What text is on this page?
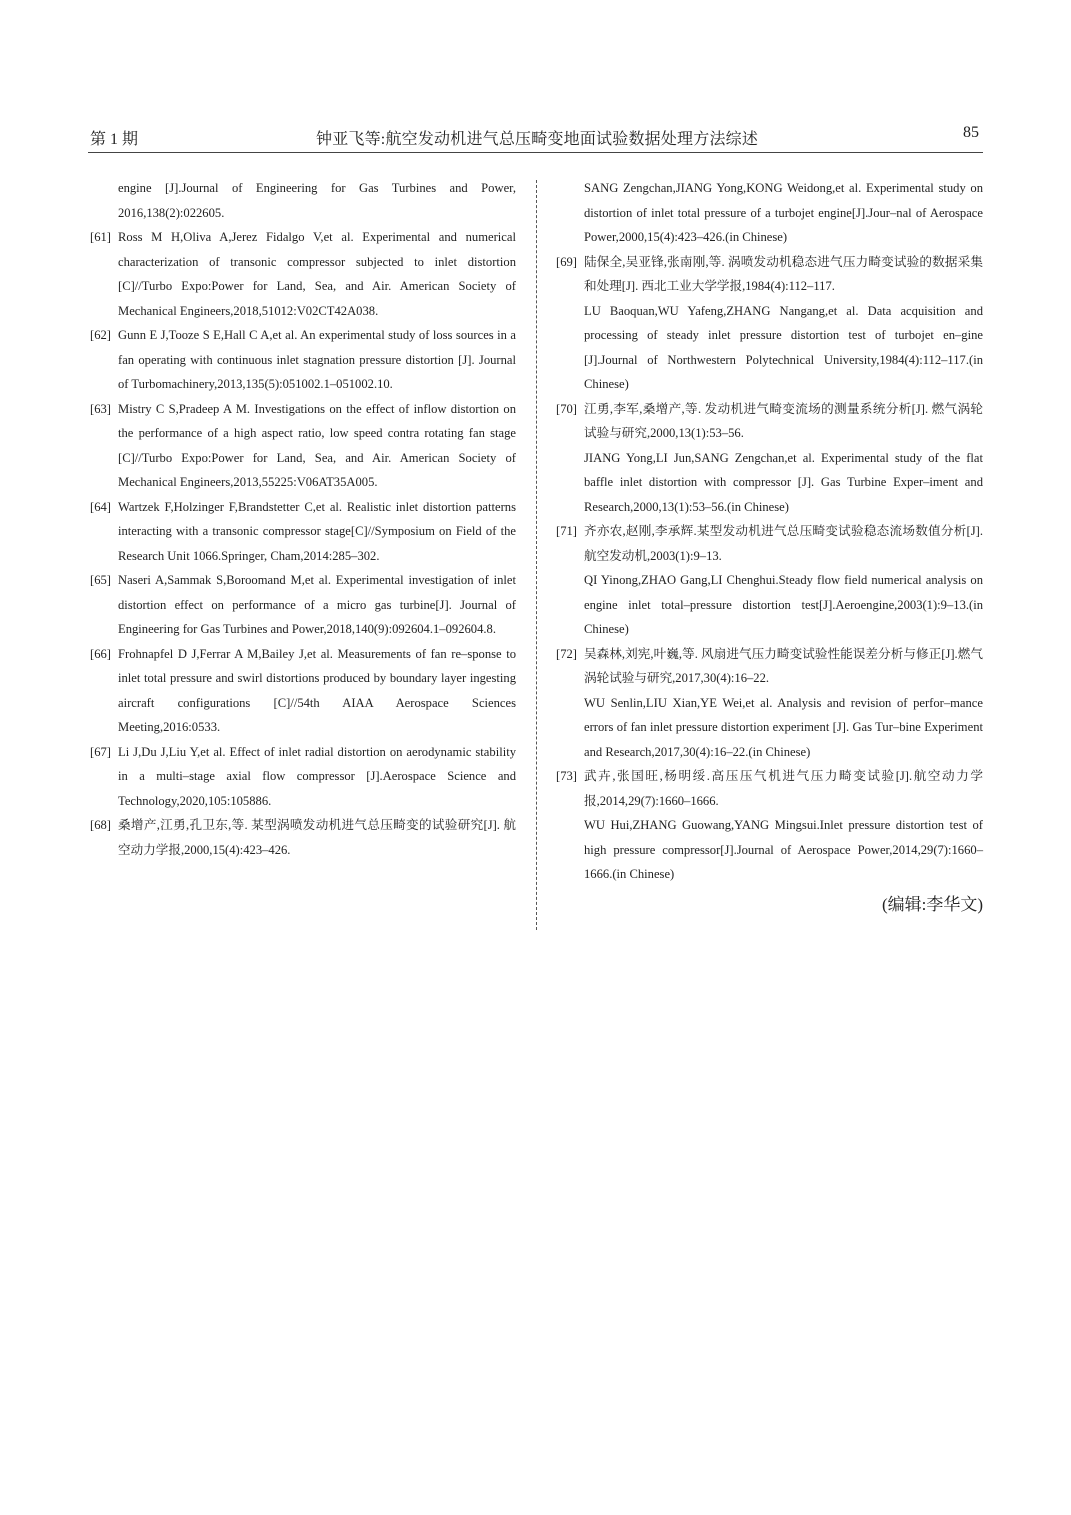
第 1 期	钟亚飞等:航空发动机进气总压畸变地面试验数据处理方法综述	85
engine [J].Journal of Engineering for Gas Turbines and Power, 2016,138(2):022605.
[61] Ross M H,Oliva A,Jerez Fidalgo V,et al. Experimental and numerical characterization of transonic compressor subjected to inlet distortion [C]//Turbo Expo:Power for Land, Sea, and Air. American Society of Mechanical Engineers,2018,51012:V02CT42A038.
[62] Gunn E J,Tooze S E,Hall C A,et al. An experimental study of loss sources in a fan operating with continuous inlet stagnation pressure distortion [J]. Journal of Turbomachinery,2013,135(5):051002.1–051002.10.
[63] Mistry C S,Pradeep A M. Investigations on the effect of inflow distortion on the performance of a high aspect ratio, low speed contra rotating fan stage [C]//Turbo Expo:Power for Land, Sea, and Air. American Society of Mechanical Engineers,2013,55225:V06AT35A005.
[64] Wartzek F,Holzinger F,Brandstetter C,et al. Realistic inlet distortion patterns interacting with a transonic compressor stage[C]//Symposium on Field of the Research Unit 1066.Springer, Cham,2014:285–302.
[65] Naseri A,Sammak S,Boroomand M,et al. Experimental investigation of inlet distortion effect on performance of a micro gas turbine[J]. Journal of Engineering for Gas Turbines and Power,2018,140(9):092604.1–092604.8.
[66] Frohnapfel D J,Ferrar A M,Bailey J,et al. Measurements of fan re–sponse to inlet total pressure and swirl distortions produced by boundary layer ingesting aircraft configurations [C]//54th AIAA Aerospace Sciences Meeting,2016:0533.
[67] Li J,Du J,Liu Y,et al. Effect of inlet radial distortion on aerodynamic stability in a multi–stage axial flow compressor [J].Aerospace Science and Technology,2020,105:105886.
[68] 桑增产,江勇,孔卫东,等. 某型涡喷发动机进气总压畸变的试验研究[J]. 航空动力学报,2000,15(4):423–426.
SANG Zengchan,JIANG Yong,KONG Weidong,et al. Experimental study on distortion of inlet total pressure of a turbojet engine[J].Jour–nal of Aerospace Power,2000,15(4):423–426.(in Chinese)
[69] 陆保全,吴亚锋,张南刚,等. 涡喷发动机稳态进气压力畸变试验的数据采集和处理[J]. 西北工业大学学报,1984(4):112–117.
LU Baoquan,WU Yafeng,ZHANG Nangang,et al. Data acquisition and processing of steady inlet pressure distortion test of turbojet en–gine [J].Journal of Northwestern Polytechnical University,1984(4):112–117.(in Chinese)
[70] 江勇,李军,桑增产,等. 发动机进气畸变流场的测量系统分析[J]. 燃气涡轮试验与研究,2000,13(1):53–56.
JIANG Yong,LI Jun,SANG Zengchan,et al. Experimental study of the flat baffle inlet distortion with compressor [J]. Gas Turbine Exper–iment and Research,2000,13(1):53–56.(in Chinese)
[71] 齐亦农,赵刚,李承辉.某型发动机进气总压畸变试验稳态流场数值分析[J].航空发动机,2003(1):9–13.
QI Yinong,ZHAO Gang,LI Chenghui.Steady flow field numerical analysis on engine inlet total–pressure distortion test[J].Aeroengine,2003(1):9–13.(in Chinese)
[72] 吴森林,刘宪,叶巍,等. 风扇进气压力畸变试验性能误差分析与修正[J].燃气涡轮试验与研究,2017,30(4):16–22.
WU Senlin,LIU Xian,YE Wei,et al. Analysis and revision of perfor–mance errors of fan inlet pressure distortion experiment [J]. Gas Tur–bine Experiment and Research,2017,30(4):16–22.(in Chinese)
[73] 武卉,张国旺,杨明绥.高压压气机进气压力畸变试验[J].航空动力学报,2014,29(7):1660–1666.
WU Hui,ZHANG Guowang,YANG Mingsui.Inlet pressure distortion test of high pressure compressor[J].Journal of Aerospace Power,2014,29(7):1660–1666.(in Chinese)
(编辑:李华文)
